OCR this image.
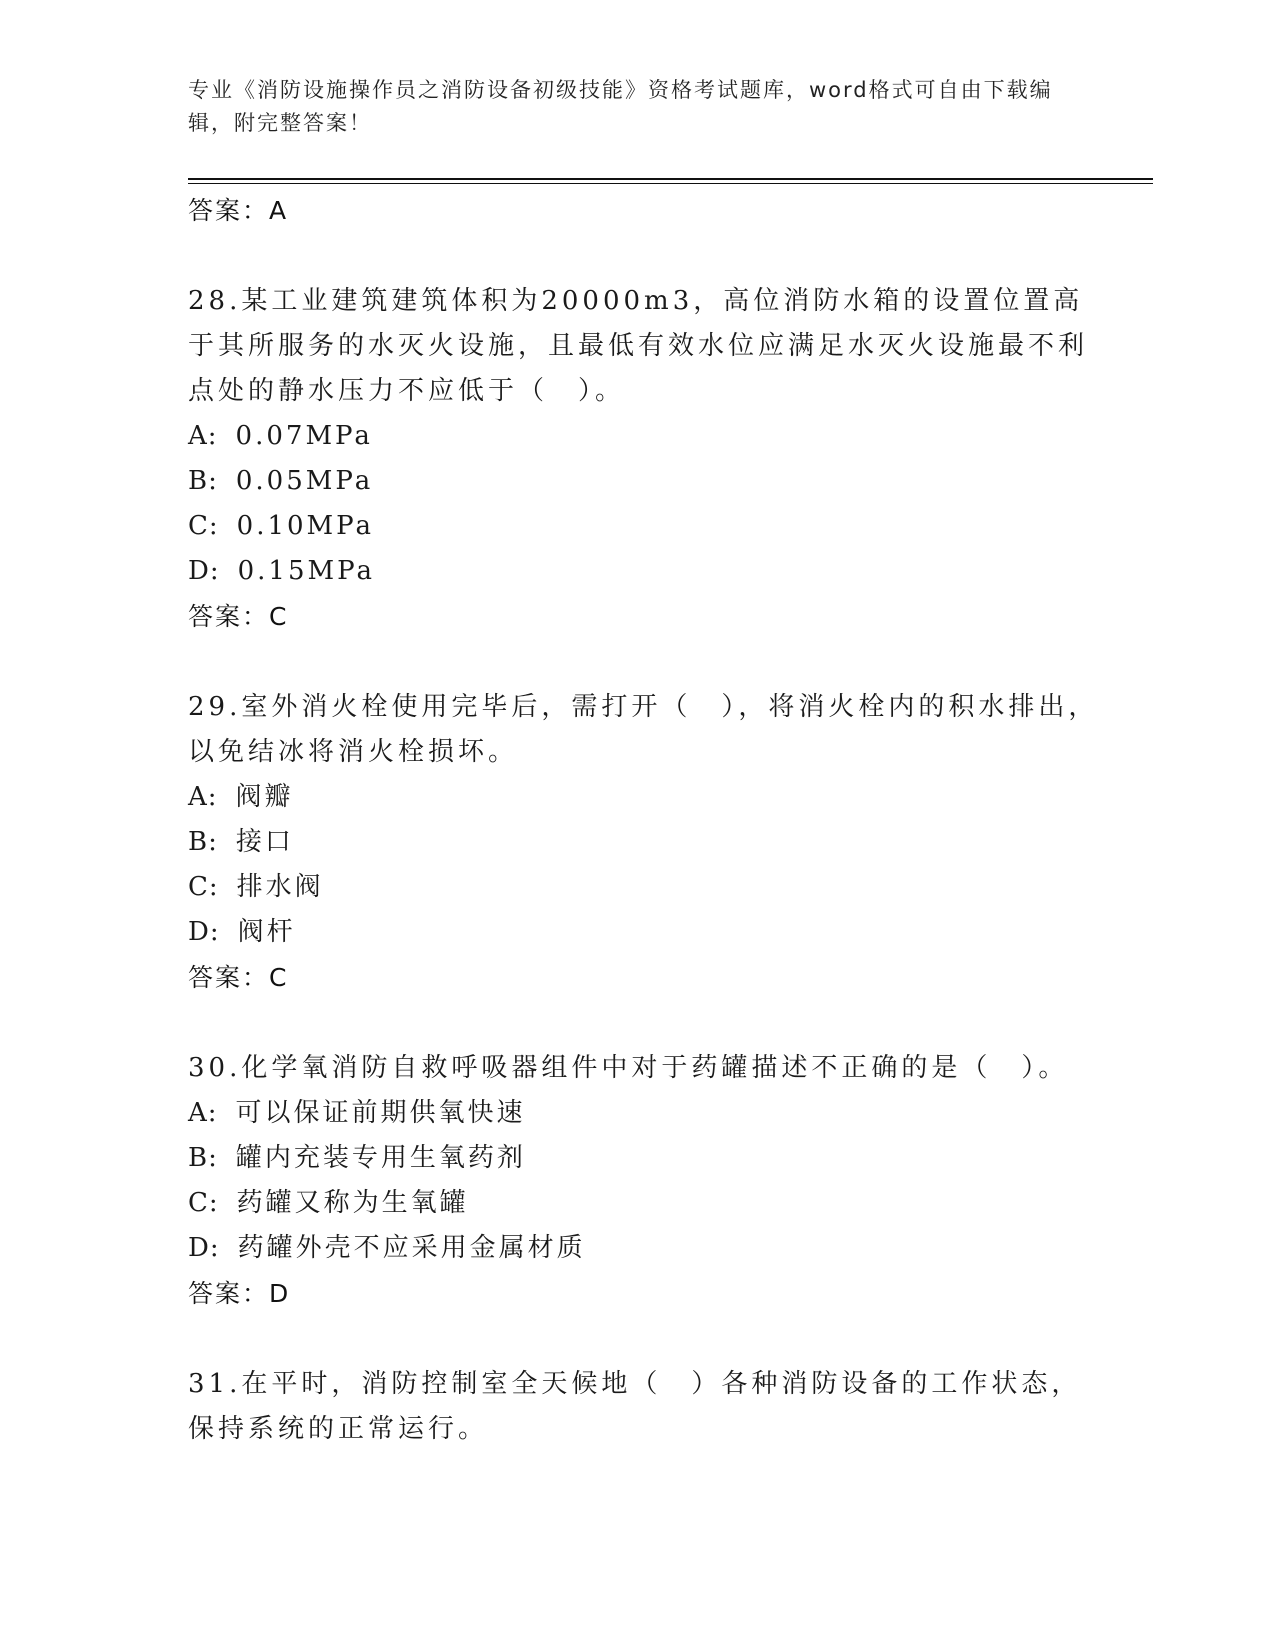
专业《消防设施操作员之消防设备初级技能》资格考试题库，word格式可自由下载编辑，附完整答案！
答案：A
28.某工业建筑建筑体积为20000m3，高位消防水箱的设置位置高于其所服务的水灭火设施，且最低有效水位应满足水灭火设施最不利点处的静水压力不应低于（　）。
A: 0.07MPa
B: 0.05MPa
C: 0.10MPa
D: 0.15MPa
答案：C
29.室外消火栓使用完毕后，需打开（　），将消火栓内的积水排出，以免结冰将消火栓损坏。
A: 阀瓣
B: 接口
C: 排水阀
D: 阀杆
答案：C
30.化学氧消防自救呼吸器组件中对于药罐描述不正确的是（　）。
A: 可以保证前期供氧快速
B: 罐内充装专用生氧药剂
C: 药罐又称为生氧罐
D: 药罐外壳不应采用金属材质
答案：D
31.在平时，消防控制室全天候地（　）各种消防设备的工作状态，保持系统的正常运行。
